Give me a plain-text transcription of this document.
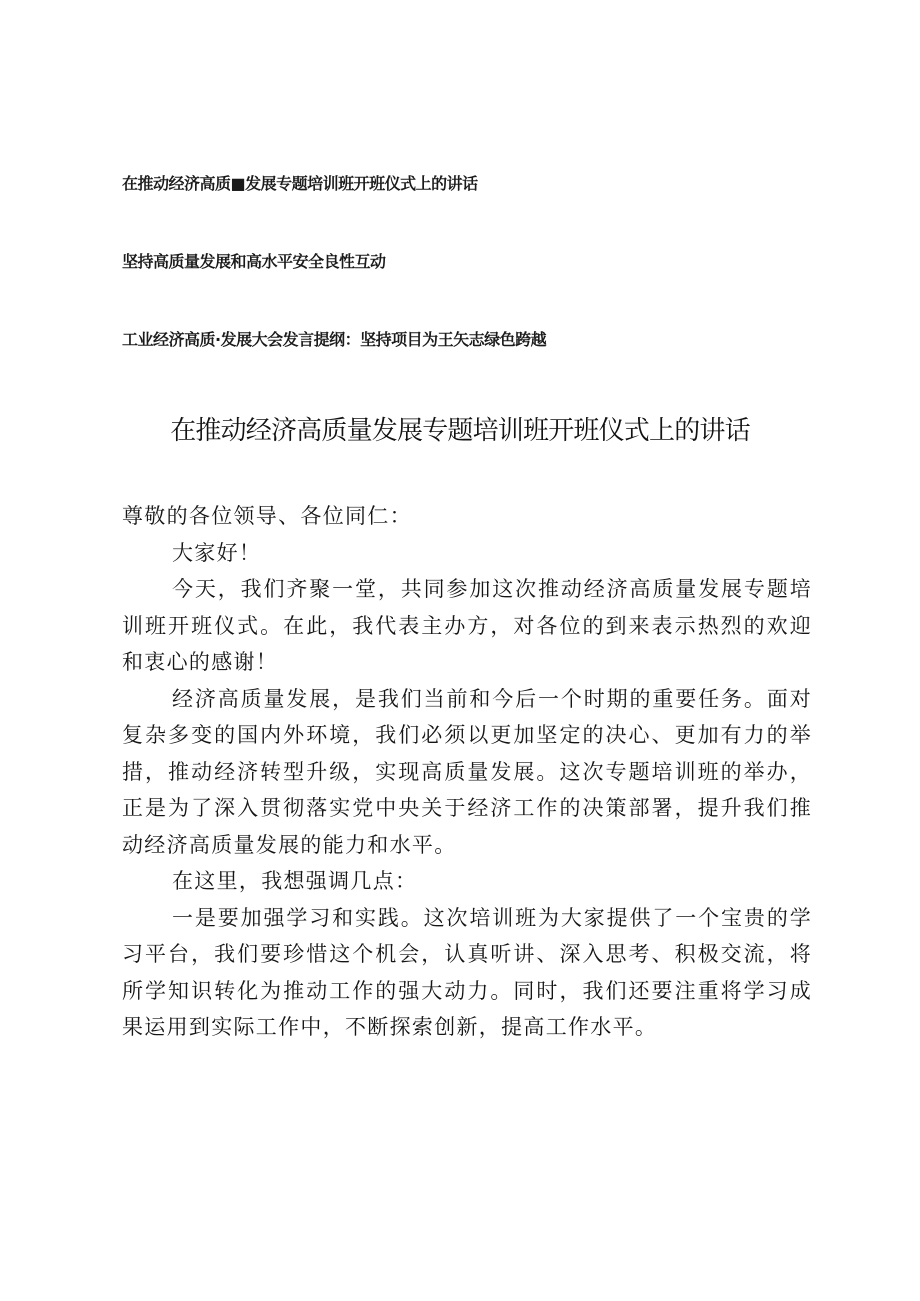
在推动经济高质■发展专题培训班开班仪式上的讲话
坚持高质量发展和高水平安全良性互动
工业经济高质·发展大会发言提纲：坚持项目为王矢志绿色跨越
在推动经济高质量发展专题培训班开班仪式上的讲话

尊敬的各位领导、各位同仁：

大家好！

今天，我们齐聚一堂，共同参加这次推动经济高质量发展专题培训班开班仪式。在此，我代表主办方，对各位的到来表示热烈的欢迎和衷心的感谢！

经济高质量发展，是我们当前和今后一个时期的重要任务。面对复杂多变的国内外环境，我们必须以更加坚定的决心、更加有力的举措，推动经济转型升级，实现高质量发展。这次专题培训班的举办，正是为了深入贯彻落实党中央关于经济工作的决策部署，提升我们推动经济高质量发展的能力和水平。

在这里，我想强调几点：

一是要加强学习和实践。这次培训班为大家提供了一个宝贵的学习平台，我们要珍惜这个机会，认真听讲、深入思考、积极交流，将所学知识转化为推动工作的强大动力。同时，我们还要注重将学习成果运用到实际工作中，不断探索创新，提高工作水平。
